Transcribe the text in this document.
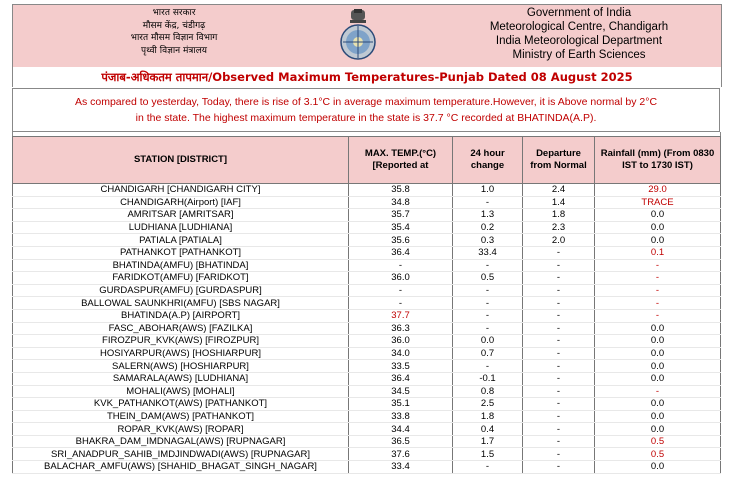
भारत सरकार
मौसम केंद्र, चंडीगढ़
भारत मौसम विज्ञान विभाग
पृथ्वी विज्ञान मंत्रालय
Government of India
Meteorological Centre, Chandigarh
India Meteorological Department
Ministry of Earth Sciences
पंजाब-अधिकतम तापमान/Observed Maximum Temperatures-Punjab Dated 08 August 2025
As compared to yesterday, Today, there is rise of 3.1°C in average maximum temperature.However, it is Above normal by 2°C
in the state. The highest maximum temperature in the state is 37.7 °C recorded at BHATINDA(A.P).
STATION [DISTRICT]	MAX. TEMP.(°C) [Reported at	24 hour change	Departure from Normal	Rainfall (mm) (From 0830 IST to 1730 IST)
CHANDIGARH [CHANDIGARH CITY]	35.8	1.0	2.4	29.0
CHANDIGARH(Airport) [IAF]	34.8	-	1.4	TRACE
AMRITSAR [AMRITSAR]	35.7	1.3	1.8	0.0
LUDHIANA [LUDHIANA]	35.4	0.2	2.3	0.0
PATIALA [PATIALA]	35.6	0.3	2.0	0.0
PATHANKOT [PATHANKOT]	36.4	33.4	-	0.1
BHATINDA(AMFU) [BHATINDA]	-	-	-	-
FARIDKOT(AMFU) [FARIDKOT]	36.0	0.5	-	-
GURDASPUR(AMFU) [GURDASPUR]	-	-	-	-
BALLOWAL SAUNKHRI(AMFU) [SBS NAGAR]	-	-	-	-
BHATINDA(A.P) [AIRPORT]	37.7	-	-	-
FASC_ABOHAR(AWS) [FAZILKA]	36.3	-	-	0.0
FIROZPUR_KVK(AWS) [FIROZPUR]	36.0	0.0	-	0.0
HOSIYARPUR(AWS) [HOSHIARPUR]	34.0	0.7	-	0.0
SALERN(AWS) [HOSHIARPUR]	33.5	-	-	0.0
SAMARALA(AWS) [LUDHIANA]	36.4	-0.1	-	0.0
MOHALI(AWS) [MOHALI]	34.5	0.8	-	-
KVK_PATHANKOT(AWS) [PATHANKOT]	35.1	2.5	-	0.0
THEIN_DAM(AWS) [PATHANKOT]	33.8	1.8	-	0.0
ROPAR_KVK(AWS) [ROPAR]	34.4	0.4	-	0.0
BHAKRA_DAM_IMDNAGAL(AWS) [RUPNAGAR]	36.5	1.7	-	0.5
SRI_ANADPUR_SAHIB_IMDJINDWADI(AWS) [RUPNAGAR]	37.6	1.5	-	0.5
BALACHAR_AMFU(AWS) [SHAHID_BHAGAT_SINGH_NAGAR]	33.4	-	-	0.0
